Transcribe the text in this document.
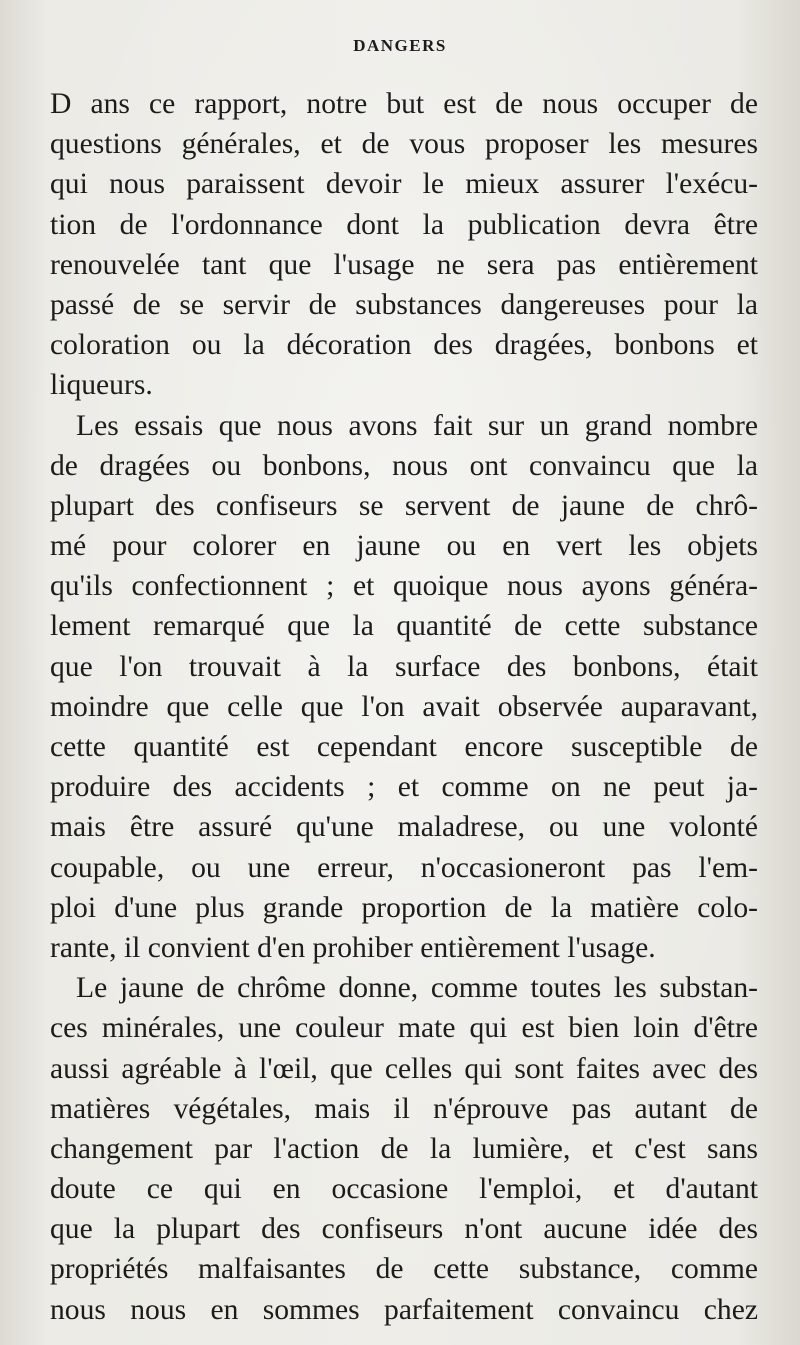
DANGERS
D ans ce rapport, notre but est de nous occuper de
questions générales, et de vous proposer les mesures
qui nous paraissent devoir le mieux assurer l'exécu-
tion de l'ordonnance dont la publication devra être
renouvelée tant que l'usage ne sera pas entièrement
passé de se servir de substances dangereuses pour la
coloration ou la décoration des dragées, bonbons et
liqueurs.
Les essais que nous avons fait sur un grand nombre
de dragées ou bonbons, nous ont convaincu que la
plupart des confiseurs se servent de jaune de chrô-
mé pour colorer en jaune ou en vert les objets
qu'ils confectionnent ; et quoique nous ayons généra-
lement remarqué que la quantité de cette substance
que l'on trouvait à la surface des bonbons, était
moindre que celle que l'on avait observée auparavant,
cette quantité est cependant encore susceptible de
produire des accidents ; et comme on ne peut ja-
mais être assuré qu'une maladrese, ou une volonté
coupable, ou une erreur, n'occasioneront pas l'em-
ploi d'une plus grande proportion de la matière colo-
rante, il convient d'en prohiber entièrement l'usage.
Le jaune de chrôme donne, comme toutes les substan-
ces minérales, une couleur mate qui est bien loin d'être
aussi agréable à l'œil, que celles qui sont faites avec des
matières végétales, mais il n'éprouve pas autant de
changement par l'action de la lumière, et c'est sans
doute ce qui en occasione l'emploi, et d'autant
que la plupart des confiseurs n'ont aucune idée des
propriétés malfaisantes de cette substance, comme
nous nous en sommes parfaitement convaincu chez
